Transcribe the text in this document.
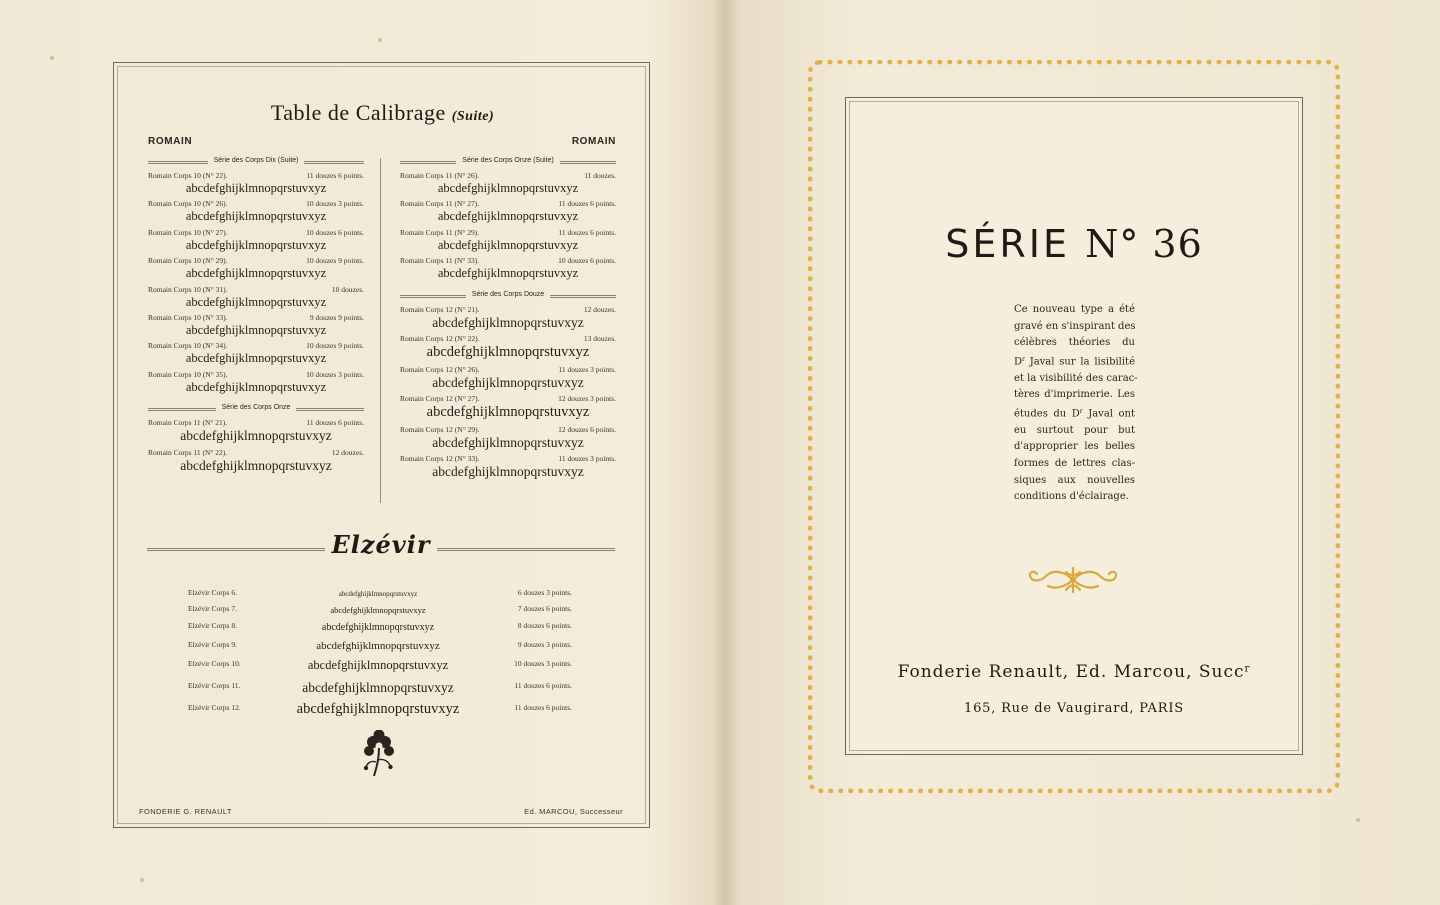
Table de Calibrage (Suite)
ROMAIN
Série des Corps Dix (Suite)
Romain Corps 10 (N° 22).	11 douzes 6 points.
abcdefghijklmnopqrstuvxyz
Romain Corps 10 (N° 26).	10 douzes 3 points.
abcdefghijklmnopqrstuvxyz
Romain Corps 10 (N° 27).	10 douzes 6 points.
abcdefghijklmnopqrstuvxyz
Romain Corps 10 (N° 29).	10 douzes 9 points.
abcdefghijklmnopqrstuvxyz
Romain Corps 10 (N° 31).	10 douzes.
abcdefghijklmnopqrstuvxyz
Romain Corps 10 (N° 33).	9 douzes 9 points.
abcdefghijklmnopqrstuvxyz
Romain Corps 10 (N° 34).	10 douzes 9 points.
abcdefghijklmnopqrstuvxyz
Romain Corps 10 (N° 35).	10 douzes 3 points.
abcdefghijklmnopqrstuvxyz
Série des Corps Onze
Romain Corps 11 (N° 21).	11 douzes 6 points.
abcdefghijklmnopqrstuvxyz
Romain Corps 11 (N° 22).	12 douzes.
abcdefghijklmnopqrstuvxyz
ROMAIN
Série des Corps Onze (Suite)
Romain Corps 11 (N° 26).	11 douzes.
abcdefghijklmnopqrstuvxyz
Romain Corps 11 (N° 27).	11 douzes 6 points.
abcdefghijklmnopqrstuvxyz
Romain Corps 11 (N° 29).	11 douzes 6 points.
abcdefghijklmnopqrstuvxyz
Romain Corps 11 (N° 33).	10 douzes 6 points.
abcdefghijklmnopqrstuvxyz
Série des Corps Douze
Romain Corps 12 (N° 21).	12 douzes.
abcdefghijklmnopqrstuvxyz
Romain Corps 12 (N° 22).	13 douzes.
abcdefghijklmnopqrstuvxyz
Romain Corps 12 (N° 26).	11 douzes 3 points.
abcdefghijklmnopqrstuvxyz
Romain Corps 12 (N° 27).	12 douzes 3 points.
abcdefghijklmnopqrstuvxyz
Romain Corps 12 (N° 29).	12 douzes 6 points.
abcdefghijklmnopqrstuvxyz
Romain Corps 12 (N° 33).	11 douzes 3 points.
abcdefghijklmnopqrstuvxyz
Elzévir
Elzévir Corps 6.	abcdefghijklmnopqrstuvxyz	6 douzes 3 points.
Elzévir Corps 7.	abcdefghijklmnopqrstuvxyz	7 douzes 6 points.
Elzévir Corps 8.	abcdefghijklmnopqrstuvxyz	8 douzes 6 points.
Elzévir Corps 9.	abcdefghijklmnopqrstuvxyz	9 douzes 3 points.
Elzévir Corps 10.	abcdefghijklmnopqrstuvxyz	10 douzes 3 points.
Elzévir Corps 11.	abcdefghijklmnopqrstuvxyz	11 douzes 6 points.
Elzévir Corps 12.	abcdefghijklmnopqrstuvxyz	11 douzes 6 points.
FONDERIE G. RENAULT	Ed. MARCOU, Successeur
SÉRIE N° 36
Ce nouveau type a été
gravé en s'inspirant des
célèbres théories du
$D^r$ Javal sur la lisibilité
et la visibilité des carac-
tères d'imprimerie. Les
études du $D^r$ Javal ont
eu surtout pour but
d'approprier les belles
formes de lettres clas-
siques aux nouvelles
conditions d'éclairage.
Fonderie Renault, Ed. Marcou, Succ$^r$
165, Rue de Vaugirard, PARIS
